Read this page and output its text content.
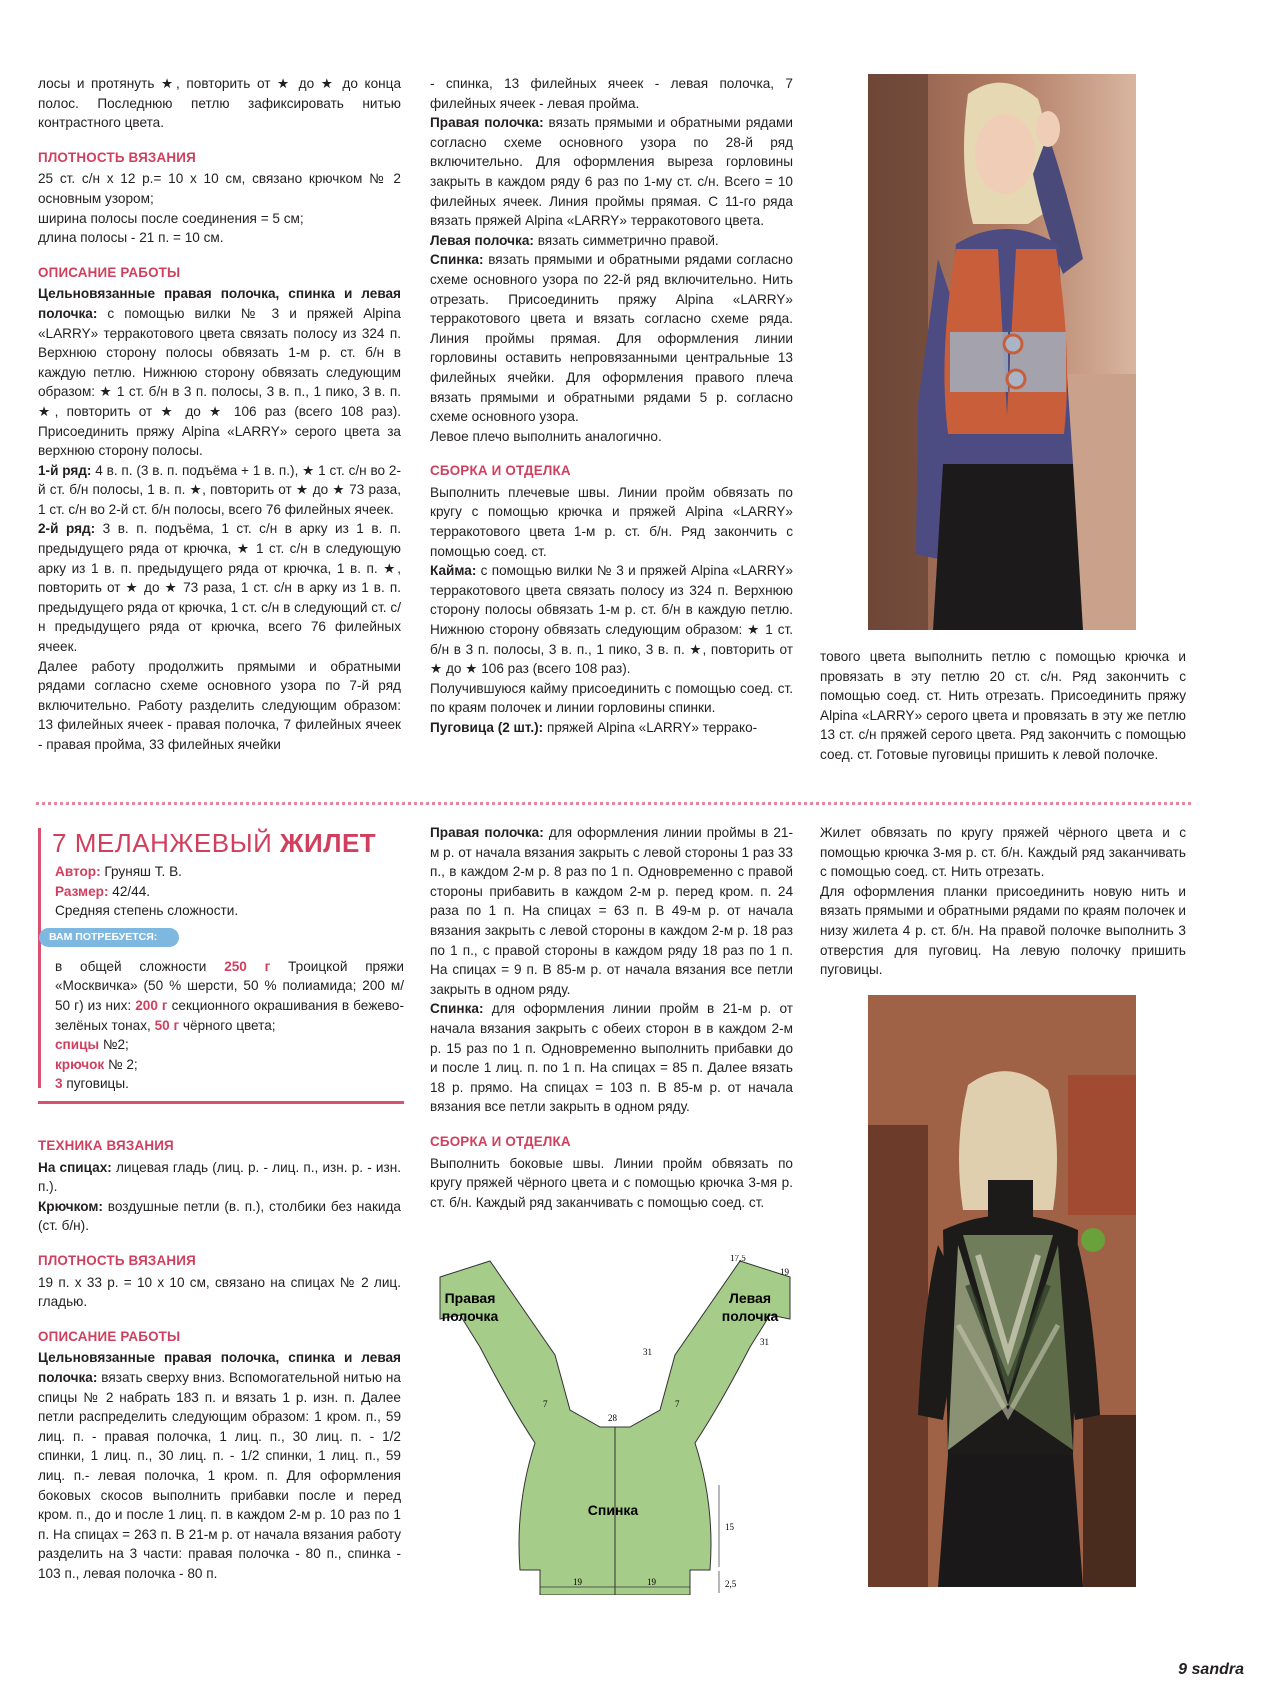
лосы и протянуть ★, повторить от ★ до ★ до конца полос. Последнюю петлю зафиксировать нитью контрастного цвета.

ПЛОТНОСТЬ ВЯЗАНИЯ

25 ст. с/н х 12 р.= 10 х 10 см, связано крючком № 2 основным узором;

ширина полосы после соединения = 5 см;

длина полосы - 21 п. = 10 см.

ОПИСАНИЕ РАБОТЫ

Цельновязанные правая полочка, спинка и левая полочка: с помощью вилки № 3 и пряжей Alpina «LARRY» терракотового цвета связать полосу из 324 п. Верхнюю сторону полосы обвязать 1-м р. ст. б/н в каждую петлю. Нижнюю сторону обвязать следующим образом: ★ 1 ст. б/н в 3 п. полосы, 3 в. п., 1 пико, 3 в. п. ★, повторить от ★ до ★ 106 раз (всего 108 раз). Присоединить пряжу Alpina «LARRY» серого цвета за верхнюю сторону полосы.

1-й ряд: 4 в. п. (3 в. п. подъёма + 1 в. п.), ★ 1 ст. с/н во 2-й ст. б/н полосы, 1 в. п. ★, повторить от ★ до ★ 73 раза, 1 ст. с/н во 2-й ст. б/н полосы, всего 76 филейных ячеек.

2-й ряд: 3 в. п. подъёма, 1 ст. с/н в арку из 1 в. п. предыдущего ряда от крючка, ★ 1 ст. с/н в следующую арку из 1 в. п. предыдущего ряда от крючка, 1 в. п. ★, повторить от ★ до ★ 73 раза, 1 ст. с/н в арку из 1 в. п. предыдущего ряда от крючка, 1 ст. с/н в следующий ст. с/н предыдущего ряда от крючка, всего 76 филейных ячеек.

Далее работу продолжить прямыми и обратными рядами согласно схеме основного узора по 7-й ряд включительно. Работу разделить следующим образом: 13 филейных ячеек - правая полочка, 7 филейных ячеек - правая пройма, 33 филейных ячейки

- спинка, 13 филейных ячеек - левая полочка, 7 филейных ячеек - левая пройма.

Правая полочка: вязать прямыми и обратными рядами согласно схеме основного узора по 28-й ряд включительно. Для оформления выреза горловины закрыть в каждом ряду 6 раз по 1-му ст. с/н. Всего = 10 филейных ячеек. Линия проймы прямая. С 11-го ряда вязать пряжей Alpina «LARRY» терракотового цвета.

Левая полочка: вязать симметрично правой.

Спинка: вязать прямыми и обратными рядами согласно схеме основного узора по 22-й ряд включительно. Нить отрезать. Присоединить пряжу Alpina «LARRY» терракотового цвета и вязать согласно схеме ряда. Линия проймы прямая. Для оформления линии горловины оставить непровязанными центральные 13 филейных ячейки. Для оформления правого плеча вязать прямыми и обратными рядами 5 р. согласно схеме основного узора.

Левое плечо выполнить аналогично.

СБОРКА И ОТДЕЛКА

Выполнить плечевые швы. Линии пройм обвязать по кругу с помощью крючка и пряжей Alpina «LARRY» терракотового цвета 1-м р. ст. б/н. Ряд закончить с помощью соед. ст.

Кайма: с помощью вилки № 3 и пряжей Alpina «LARRY» терракотового цвета связать полосу из 324 п. Верхнюю сторону полосы обвязать 1-м р. ст. б/н в каждую петлю. Нижнюю сторону обвязать следующим образом: ★ 1 ст. б/н в 3 п. полосы, 3 в. п., 1 пико, 3 в. п. ★, повторить от ★ до ★ 106 раз (всего 108 раз).

Получившуюся кайму присоединить с помощью соед. ст. по краям полочек и линии горловины спинки.

Пуговица (2 шт.): пряжей Alpina «LARRY» террако-

тового цвета выполнить петлю с помощью крючка и провязать в эту петлю 20 ст. с/н. Ряд закончить с помощью соед. ст. Нить отрезать. Присоединить пряжу Alpina «LARRY» серого цвета и провязать в эту же петлю 13 ст. с/н пряжей серого цвета. Ряд закончить с помощью соед. ст. Готовые пуговицы пришить к левой полочке.

7 МЕЛАНЖЕВЫЙ ЖИЛЕТ

Автор: Груняш Т. В.

Размер: 42/44.

Средняя степень сложности.

ВАМ ПОТРЕБУЕТСЯ:

в общей сложности 250 г Троицкой пряжи «Москвичка» (50 % шерсти, 50 % полиамида; 200 м/ 50 г) из них: 200 г секционного окрашивания в бежево-зелёных тонах, 50 г чёрного цвета;

спицы №2;

крючок № 2;

3 пуговицы.

ТЕХНИКА ВЯЗАНИЯ

На спицах: лицевая гладь (лиц. р. - лиц. п., изн. р. - изн. п.).

Крючком: воздушные петли (в. п.), столбики без накида (ст. б/н).

ПЛОТНОСТЬ ВЯЗАНИЯ

19 п. х 33 р. = 10 х 10 см, связано на спицах № 2 лиц. гладью.

ОПИСАНИЕ РАБОТЫ

Цельновязанные правая полочка, спинка и левая полочка: вязать сверху вниз. Вспомогательной нитью на спицы № 2 набрать 183 п. и вязать 1 р. изн. п. Далее петли распределить следующим образом: 1 кром. п., 59 лиц. п. - правая полочка, 1 лиц. п., 30 лиц. п. - 1/2 спинки, 1 лиц. п., 30 лиц. п. - 1/2 спинки, 1 лиц. п., 59 лиц. п.- левая полочка, 1 кром. п. Для оформления боковых скосов выполнить прибавки после и перед кром. п., до и после 1 лиц. п. в каждом 2-м р. 10 раз по 1 п. На спицах = 263 п. В 21-м р. от начала вязания работу разделить на 3 части: правая полочка - 80 п., спинка - 103 п., левая полочка - 80 п.

Правая полочка: для оформления линии проймы в 21-м р. от начала вязания закрыть с левой стороны 1 раз 33 п., в каждом 2-м р. 8 раз по 1 п. Одновременно с правой стороны прибавить в каждом 2-м р. перед кром. п. 24 раза по 1 п. На спицах = 63 п. В 49-м р. от начала вязания закрыть с левой стороны в каждом 2-м р. 18 раз по 1 п., с правой стороны в каждом ряду 18 раз по 1 п. На спицах = 9 п. В 85-м р. от начала вязания все петли закрыть в одном ряду.

Спинка: для оформления линии пройм в 21-м р. от начала вязания закрыть с обеих сторон в в каждом 2-м р. 15 раз по 1 п. Одновременно выполнить прибавки до и после 1 лиц. п. по 1 п. На спицах = 85 п. Далее вязать 18 р. прямо. На спицах = 103 п. В 85-м р. от начала вязания все петли закрыть в одном ряду.

СБОРКА И ОТДЕЛКА

Выполнить боковые швы. Линии пройм обвязать по кругу пряжей чёрного цвета и с помощью крючка 3-мя р. ст. б/н. Каждый ряд заканчивать с помощью соед. ст.

Правая
полочка
Левая
полочка
Спинка
17,5
19
31
31
7	7
28
15
2,5
19	19

Жилет обвязать по кругу пряжей чёрного цвета и с помощью крючка 3-мя р. ст. б/н. Каждый ряд заканчивать с помощью соед. ст. Нить отрезать.

Для оформления планки присоединить новую нить и вязать прямыми и обратными рядами по краям полочек и низу жилета 4 р. ст. б/н. На правой полочке выполнить 3 отверстия для пуговиц. На левую полочку пришить пуговицы.

9 sandra
